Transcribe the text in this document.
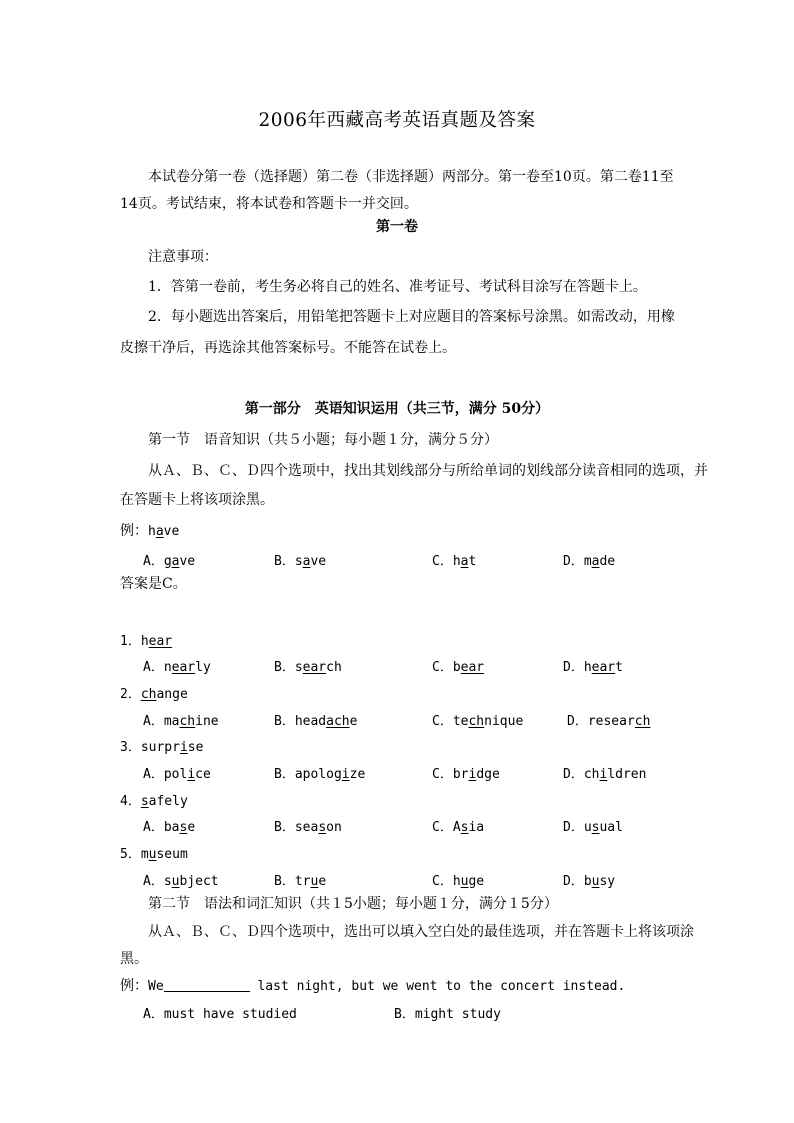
2006年西藏高考英语真题及答案
本试卷分第一卷（选择题）第二卷（非选择题）两部分。第一卷至10页。第二卷11至
14页。考试结束，将本试卷和答题卡一并交回。
第一卷
注意事项：
1．答第一卷前，考生务必将自己的姓名、准考证号、考试科目涂写在答题卡上。
2．每小题选出答案后，用铅笔把答题卡上对应题目的答案标号涂黑。如需改动，用橡
皮擦干净后，再选涂其他答案标号。不能答在试卷上。
第一部分　英语知识运用（共三节，满分 50分）
第一节　语音知识（共５小题；每小题１分，满分５分）
从Ａ、Ｂ、Ｃ、Ｄ四个选项中，找出其划线部分与所给单词的划线部分读音相同的选项，并
在答题卡上将该项涂黑。
例：have
A．gave	B．save	C．hat	D．made
答案是C。
1．hear
A．nearly	B．search	C．bear	D．heart
2．change
A．machine	B．headache	C．technique	D．research
3．surprise
A．police	B．apologize	C．bridge	D．children
4．safely
A．base	B．season	C．Asia	D．usual
5．museum
A．subject	B．true	C．huge	D．busy
第二节　语法和词汇知识（共１5小题；每小题１分，满分１5分）
从Ａ、Ｂ、Ｃ、Ｄ四个选项中，选出可以填入空白处的最佳选项，并在答题卡上将该项涂
黑。
例：We	last night, but we went to the concert instead.
A．must have studied	B．might study
